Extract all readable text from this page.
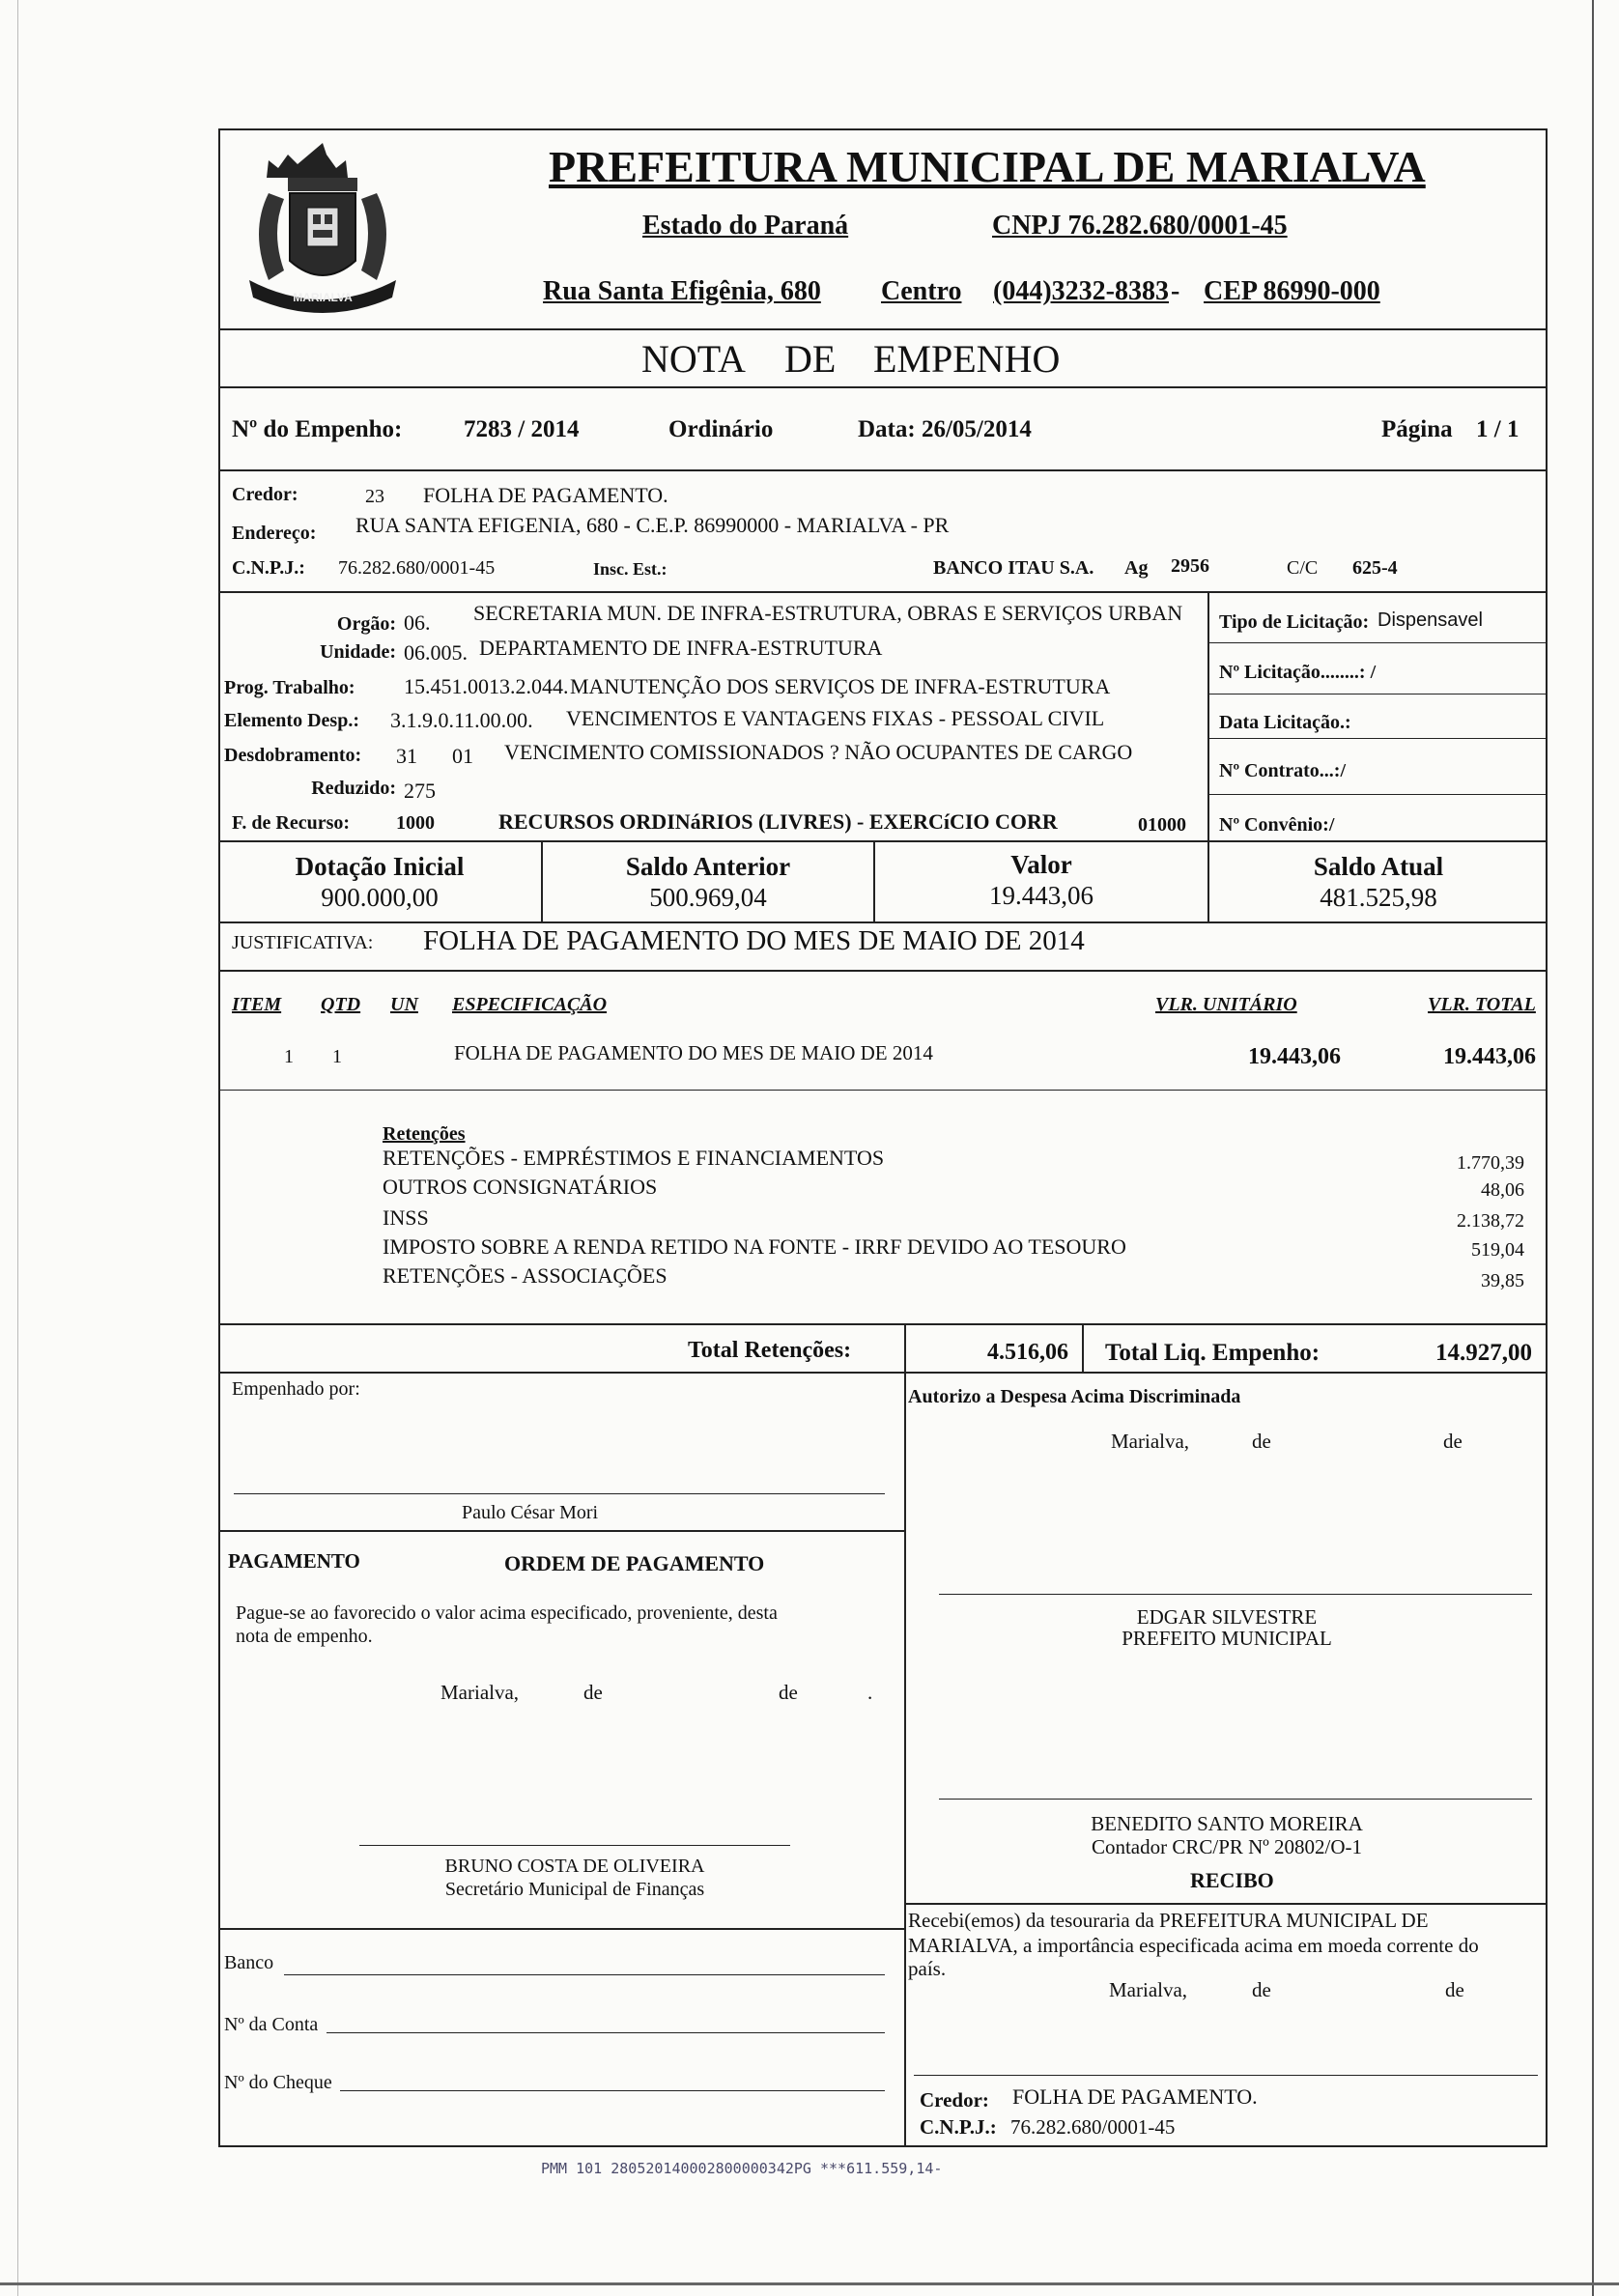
MARIALVA
PREFEITURA MUNICIPAL DE MARIALVA
Estado do Paraná	CNPJ 76.282.680/0001-45
Rua Santa Efigênia, 680 Centro (044)3232-8383 - CEP 86990-000
NOTA DE EMPENHO
Nº do Empenho:	7283 / 2014	Ordinário	Data: 26/05/2014	Página 1 / 1
Credor:	23 FOLHA DE PAGAMENTO.
Endereço: RUA SANTA EFIGENIA, 680 - C.E.P. 86990000 - MARIALVA - PR
C.N.P.J.: 76.282.680/0001-45	Insc. Est.:	BANCO ITAU S.A. Ag 2956	C/C 625-4
Orgão: 06. SECRETARIA MUN. DE INFRA-ESTRUTURA, OBRAS E SERVIÇOS URBAN
Unidade: 06.005. DEPARTAMENTO DE INFRA-ESTRUTURA
Prog. Trabalho: 15.451.0013.2.044. MANUTENÇÃO DOS SERVIÇOS DE INFRA-ESTRUTURA
Elemento Desp.: 3.1.9.0.11.00.00. VENCIMENTOS E VANTAGENS FIXAS - PESSOAL CIVIL
Desdobramento: 31 01 VENCIMENTO COMISSIONADOS ? NÃO OCUPANTES DE CARGO
Reduzido: 275
F. de Recurso: 1000	RECURSOS ORDINáRIOS (LIVRES) - EXERCíCIO CORR	01000
Tipo de Licitação: Dispensavel
Nº Licitação........: /
Data Licitação.:
Nº Contrato...:/
Nº Convênio:/
Dotação Inicial
900.000,00
Saldo Anterior
500.969,04
Valor
19.443,06
Saldo Atual
481.525,98
JUSTIFICATIVA: FOLHA DE PAGAMENTO DO MES DE MAIO DE 2014
ITEM QTD UN ESPECIFICAÇÃO	VLR. UNITÁRIO	VLR. TOTAL
1 1	FOLHA DE PAGAMENTO DO MES DE MAIO DE 2014	19.443,06	19.443,06
Retenções
RETENÇÕES - EMPRÉSTIMOS E FINANCIAMENTOS	1.770,39
OUTROS CONSIGNATÁRIOS	48,06
INSS	2.138,72
IMPOSTO SOBRE A RENDA RETIDO NA FONTE - IRRF DEVIDO AO TESOURO	519,04
RETENÇÕES - ASSOCIAÇÕES	39,85
Total Retenções:	4.516,06 Total Liq. Empenho:	14.927,00
Empenhado por:
Paulo César Mori
Autorizo a Despesa Acima Discriminada
Marialva,	de	de
PAGAMENTO	ORDEM DE PAGAMENTO
Pague-se ao favorecido o valor acima especificado, proveniente, desta
nota de empenho.
Marialva,	de	de	.
EDGAR SILVESTRE
PREFEITO MUNICIPAL
BENEDITO SANTO MOREIRA
Contador CRC/PR Nº 20802/O-1
BRUNO COSTA DE OLIVEIRA
Secretário Municipal de Finanças	RECIBO
Recebi(emos) da tesouraria da PREFEITURA MUNICIPAL DE
MARIALVA, a importância especificada acima em moeda corrente do
país.
Marialva,	de	de
Banco
Nº da Conta
Nº do Cheque
Credor: FOLHA DE PAGAMENTO.
C.N.P.J.: 76.282.680/0001-45
PMM 101 2805201400028000003​42PG ***611.559,14-
